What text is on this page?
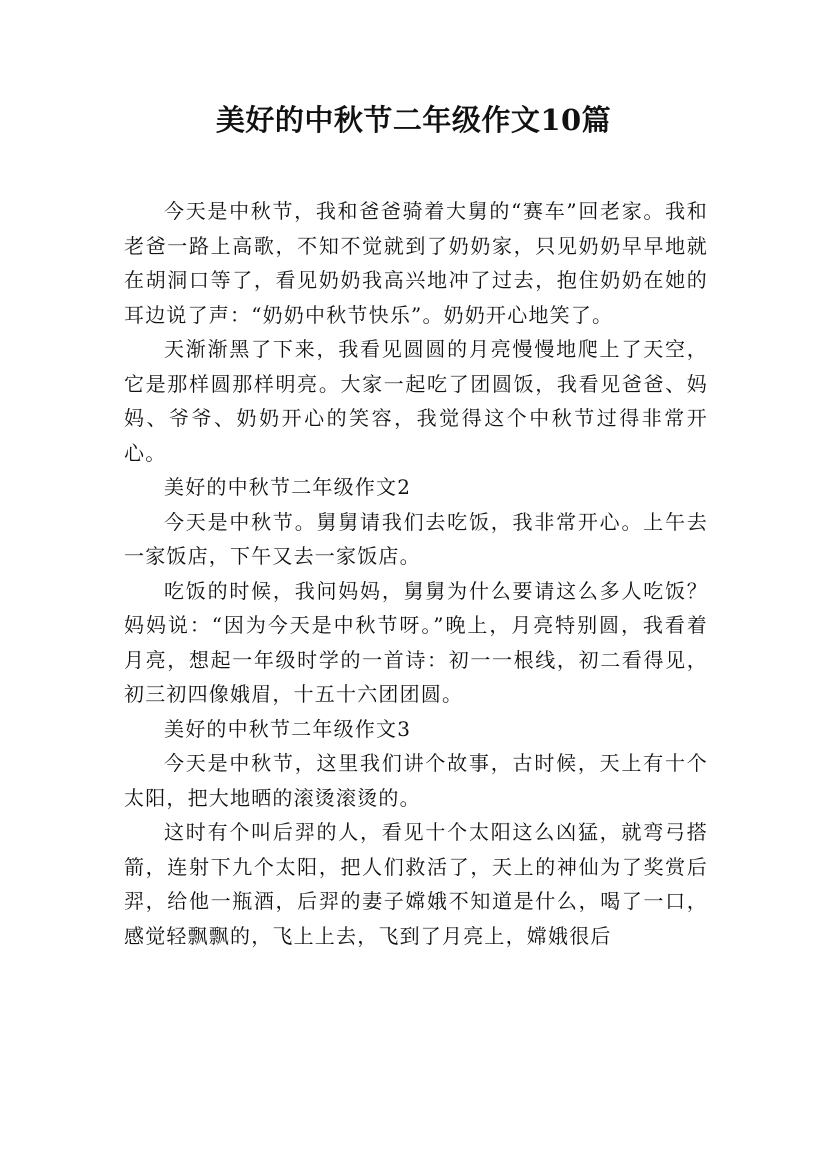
美好的中秋节二年级作文10篇

今天是中秋节，我和爸爸骑着大舅的“赛车”回老家。我和老爸一路上高歌，不知不觉就到了奶奶家，只见奶奶早早地就在胡洞口等了，看见奶奶我高兴地冲了过去，抱住奶奶在她的耳边说了声：“奶奶中秋节快乐”。奶奶开心地笑了。

天渐渐黑了下来，我看见圆圆的月亮慢慢地爬上了天空，它是那样圆那样明亮。大家一起吃了团圆饭，我看见爸爸、妈妈、爷爷、奶奶开心的笑容，我觉得这个中秋节过得非常开心。

美好的中秋节二年级作文2

今天是中秋节。舅舅请我们去吃饭，我非常开心。上午去一家饭店，下午又去一家饭店。

吃饭的时候，我问妈妈，舅舅为什么要请这么多人吃饭？妈妈说：“因为今天是中秋节呀。”晚上，月亮特别圆，我看着月亮，想起一年级时学的一首诗：初一一根线，初二看得见，初三初四像娥眉，十五十六团团圆。

美好的中秋节二年级作文3

今天是中秋节，这里我们讲个故事，古时候，天上有十个太阳，把大地晒的滚烫滚烫的。

这时有个叫后羿的人，看见十个太阳这么凶猛，就弯弓搭箭，连射下九个太阳，把人们救活了，天上的神仙为了奖赏后羿，给他一瓶酒，后羿的妻子嫦娥不知道是什么，喝了一口，感觉轻飘飘的，飞上上去，飞到了月亮上，嫦娥很后
